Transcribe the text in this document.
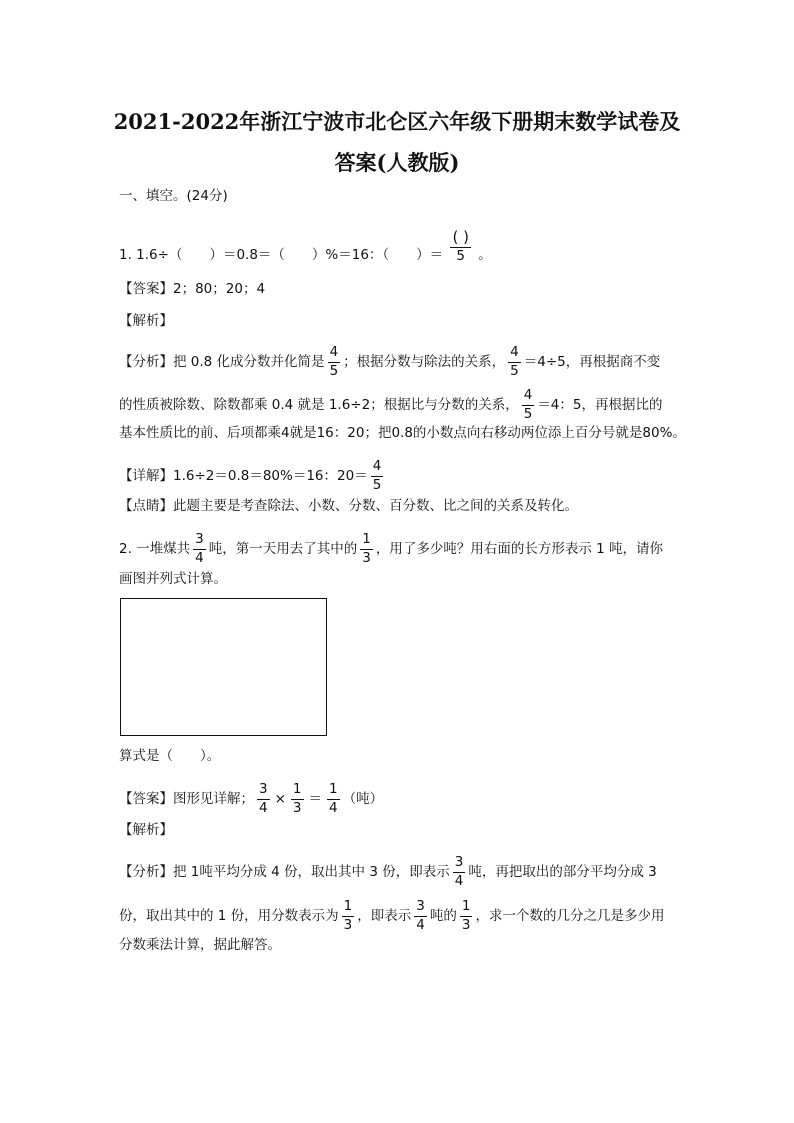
2021-2022年浙江宁波市北仑区六年级下册期末数学试卷及
答案(人教版)
一、填空。(24分)
1. 1.6÷（　　）＝0.8＝（　　）%＝16：（　　）＝ $\frac{( )}{5}$ 。
【答案】2；80；20；4
【解析】
【分析】把 0.8 化成分数并化简是 $\frac{4}{5}$ ；根据分数与除法的关系， $\frac{4}{5} =4\div 5$，再根据商不变
的性质被除数、除数都乘 0.4 就是 1.6÷2；根据比与分数的关系， $\frac{4}{5} =4$：5，再根据比的
基本性质比的前、后项都乘4就是16：20；把0.8的小数点向右移动两位添上百分号就是80%。
【详解】1.6÷2＝0.8＝80%＝16：$20= \frac{4}{5}$
【点睛】此题主要是考查除法、小数、分数、百分数、比之间的关系及转化。
2. 一堆煤共 $\frac{3}{4}$ 吨，第一天用去了其中的 $\frac{1}{3}$ ，用了多少吨？用右面的长方形表示 1 吨，请你
画图并列式计算。
算式是（　　）。
【答案】图形见详解； $\frac{3}{4} \times \frac{1}{3} = \frac{1}{4}$ （吨）
【解析】
【分析】把 1吨平均分成 4 份，取出其中 3 份，即表示 $\frac{3}{4}$ 吨，再把取出的部分平均分成 3
份，取出其中的 1 份，用分数表示为 $\frac{1}{3}$ ，即表示 $\frac{3}{4}$ 吨的 $\frac{1}{3}$ ，求一个数的几分之几是多少用
分数乘法计算，据此解答。
